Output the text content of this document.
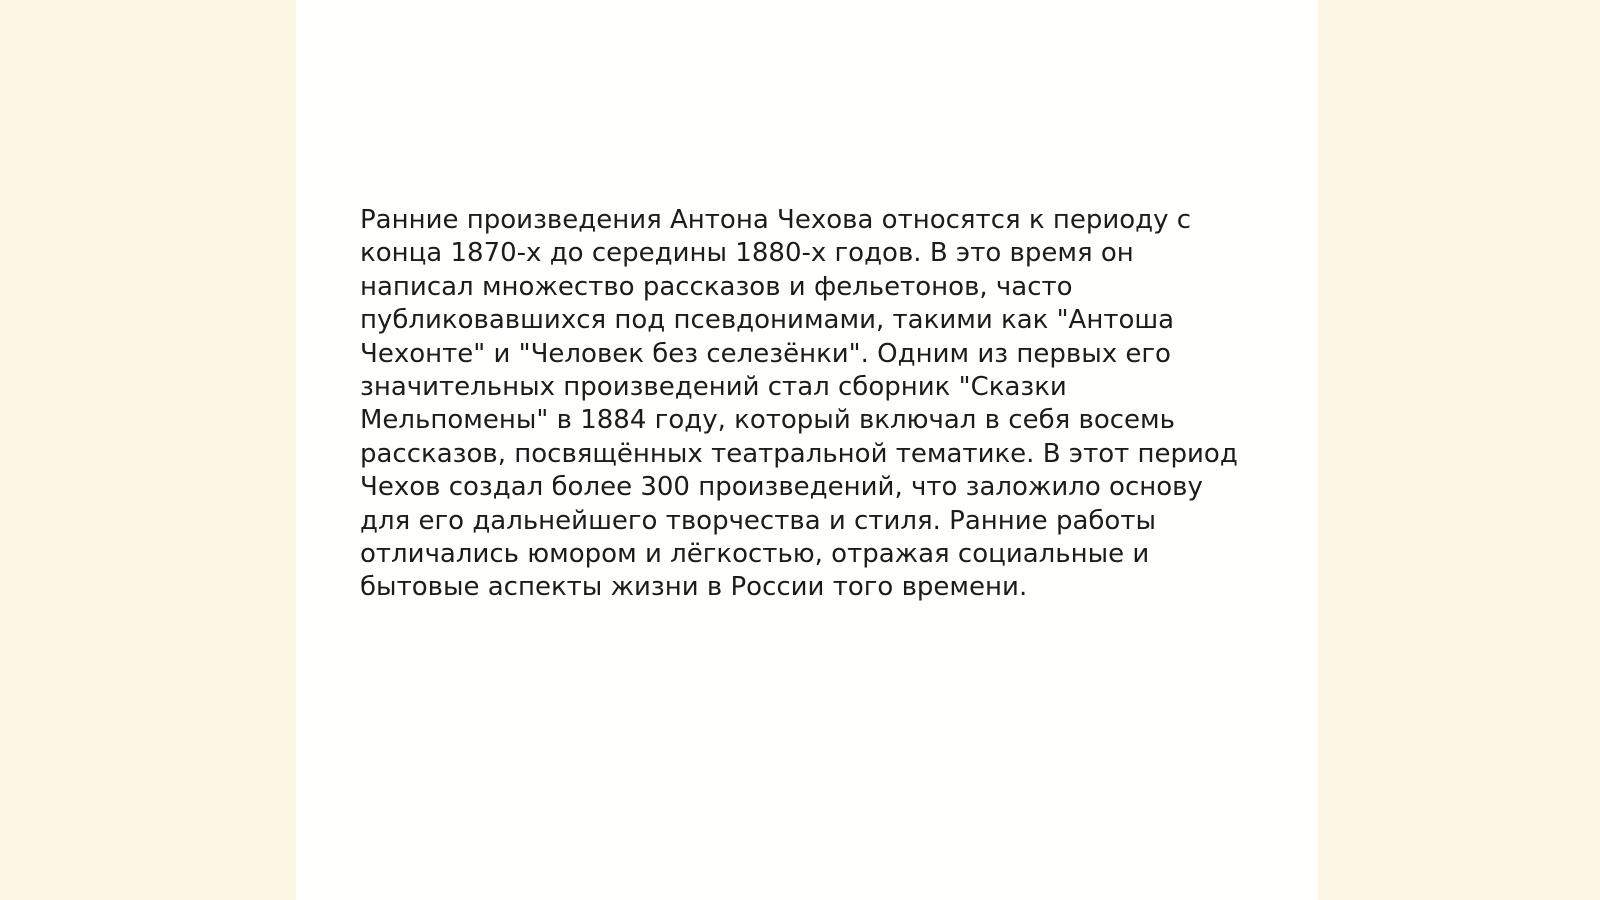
Ранние произведения Антона Чехова относятся к периоду с конца 1870-х до середины 1880-х годов. В это время он написал множество рассказов и фельетонов, часто публиковавшихся под псевдонимами, такими как "Антоша Чехонте" и "Человек без селезёнки". Одним из первых его значительных произведений стал сборник "Сказки Мельпомены" в 1884 году, который включал в себя восемь рассказов, посвящённых театральной тематике. В этот период Чехов создал более 300 произведений, что заложило основу для его дальнейшего творчества и стиля. Ранние работы отличались юмором и лёгкостью, отражая социальные и бытовые аспекты жизни в России того времени.
